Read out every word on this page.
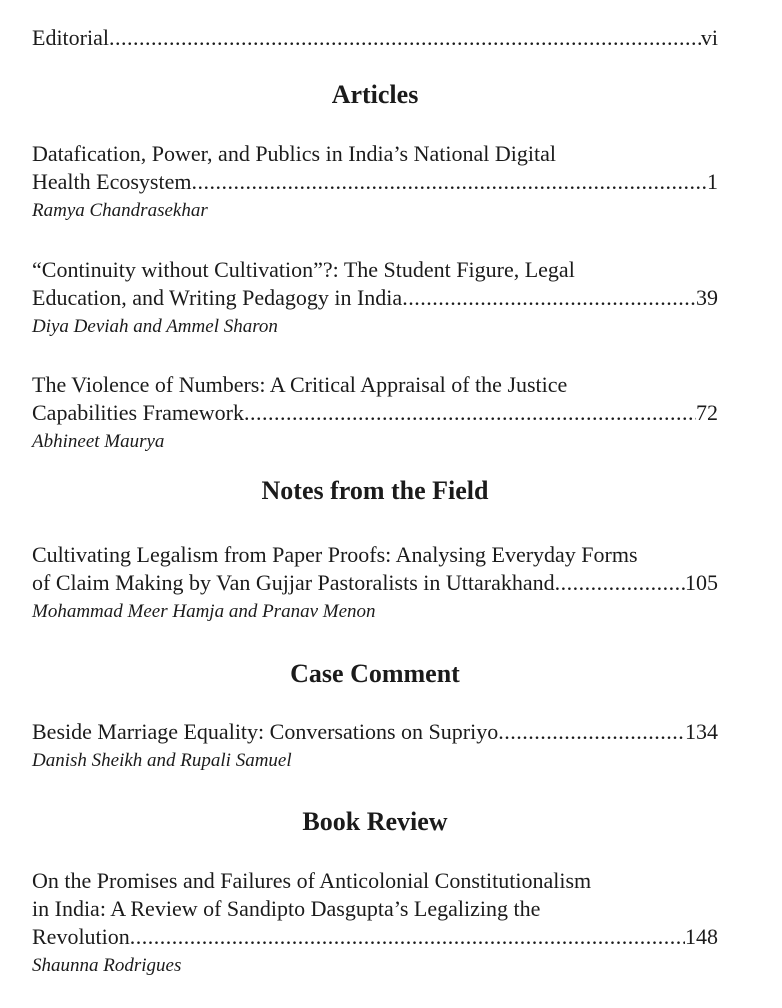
Editorial .....	vi
Articles
Datafication, Power, and Publics in India’s National Digital
Health Ecosystem .....	1
Ramya Chandrasekhar
“Continuity without Cultivation”?: The Student Figure, Legal
Education, and Writing Pedagogy in India .....	39
Diya Deviah and Ammel Sharon
The Violence of Numbers: A Critical Appraisal of the Justice
Capabilities Framework .....	72
Abhineet Maurya
Notes from the Field
Cultivating Legalism from Paper Proofs: Analysing Everyday Forms
of Claim Making by Van Gujjar Pastoralists in Uttarakhand .....	105
Mohammad Meer Hamja and Pranav Menon
Case Comment
Beside Marriage Equality: Conversations on Supriyo .....	134
Danish Sheikh and Rupali Samuel
Book Review
On the Promises and Failures of Anticolonial Constitutionalism
in India: A Review of Sandipto Dasgupta’s Legalizing the
Revolution .....	148
Shaunna Rodrigues
